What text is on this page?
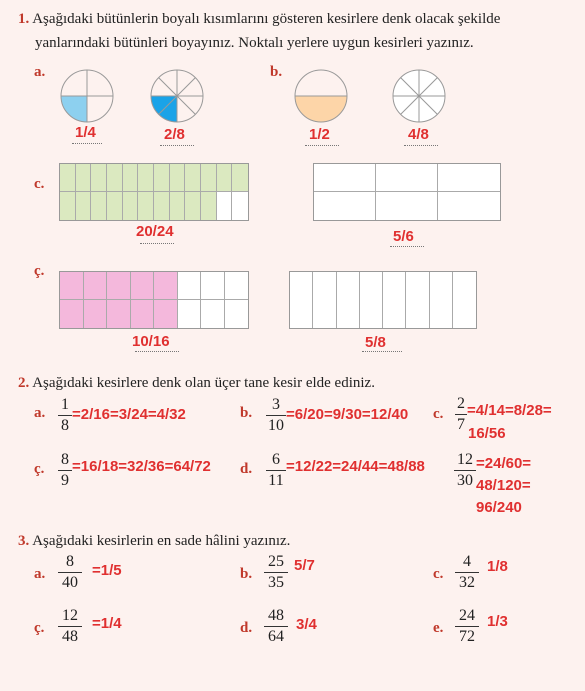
1. Aşağıdaki bütünlerin boyalı kısımlarını gösteren kesirlere denk olacak şekilde
yanlarındaki bütünleri boyayınız. Noktalı yerlere uygun kesirleri yazınız.
a.	b.
c.
ç.
1/4	2/8	1/2	4/8
20/24	5/6
10/16	5/8
2. Aşağıdaki kesirlere denk olan üçer tane kesir elde ediniz.
a. 1
8
=2/16=3/24=4/32	b. 3
10
=6/20=9/30=12/40 c.
2
7
=4/14=8/28=
16/56
ç.
8
9
=16/18=32/36=64/72 d.
6
11
=12/22=24/44=48/88 12
30
=24/60=
48/120=
96/240
3. Aşağıdaki kesirlerin en sade hâlini yazınız.
a.
8
40
=1/5	b.
25
35
5/7	c.
4
32
1/8
ç.
12
48
=1/4	d.
48
64
3/4	e.
24
72
1/3
